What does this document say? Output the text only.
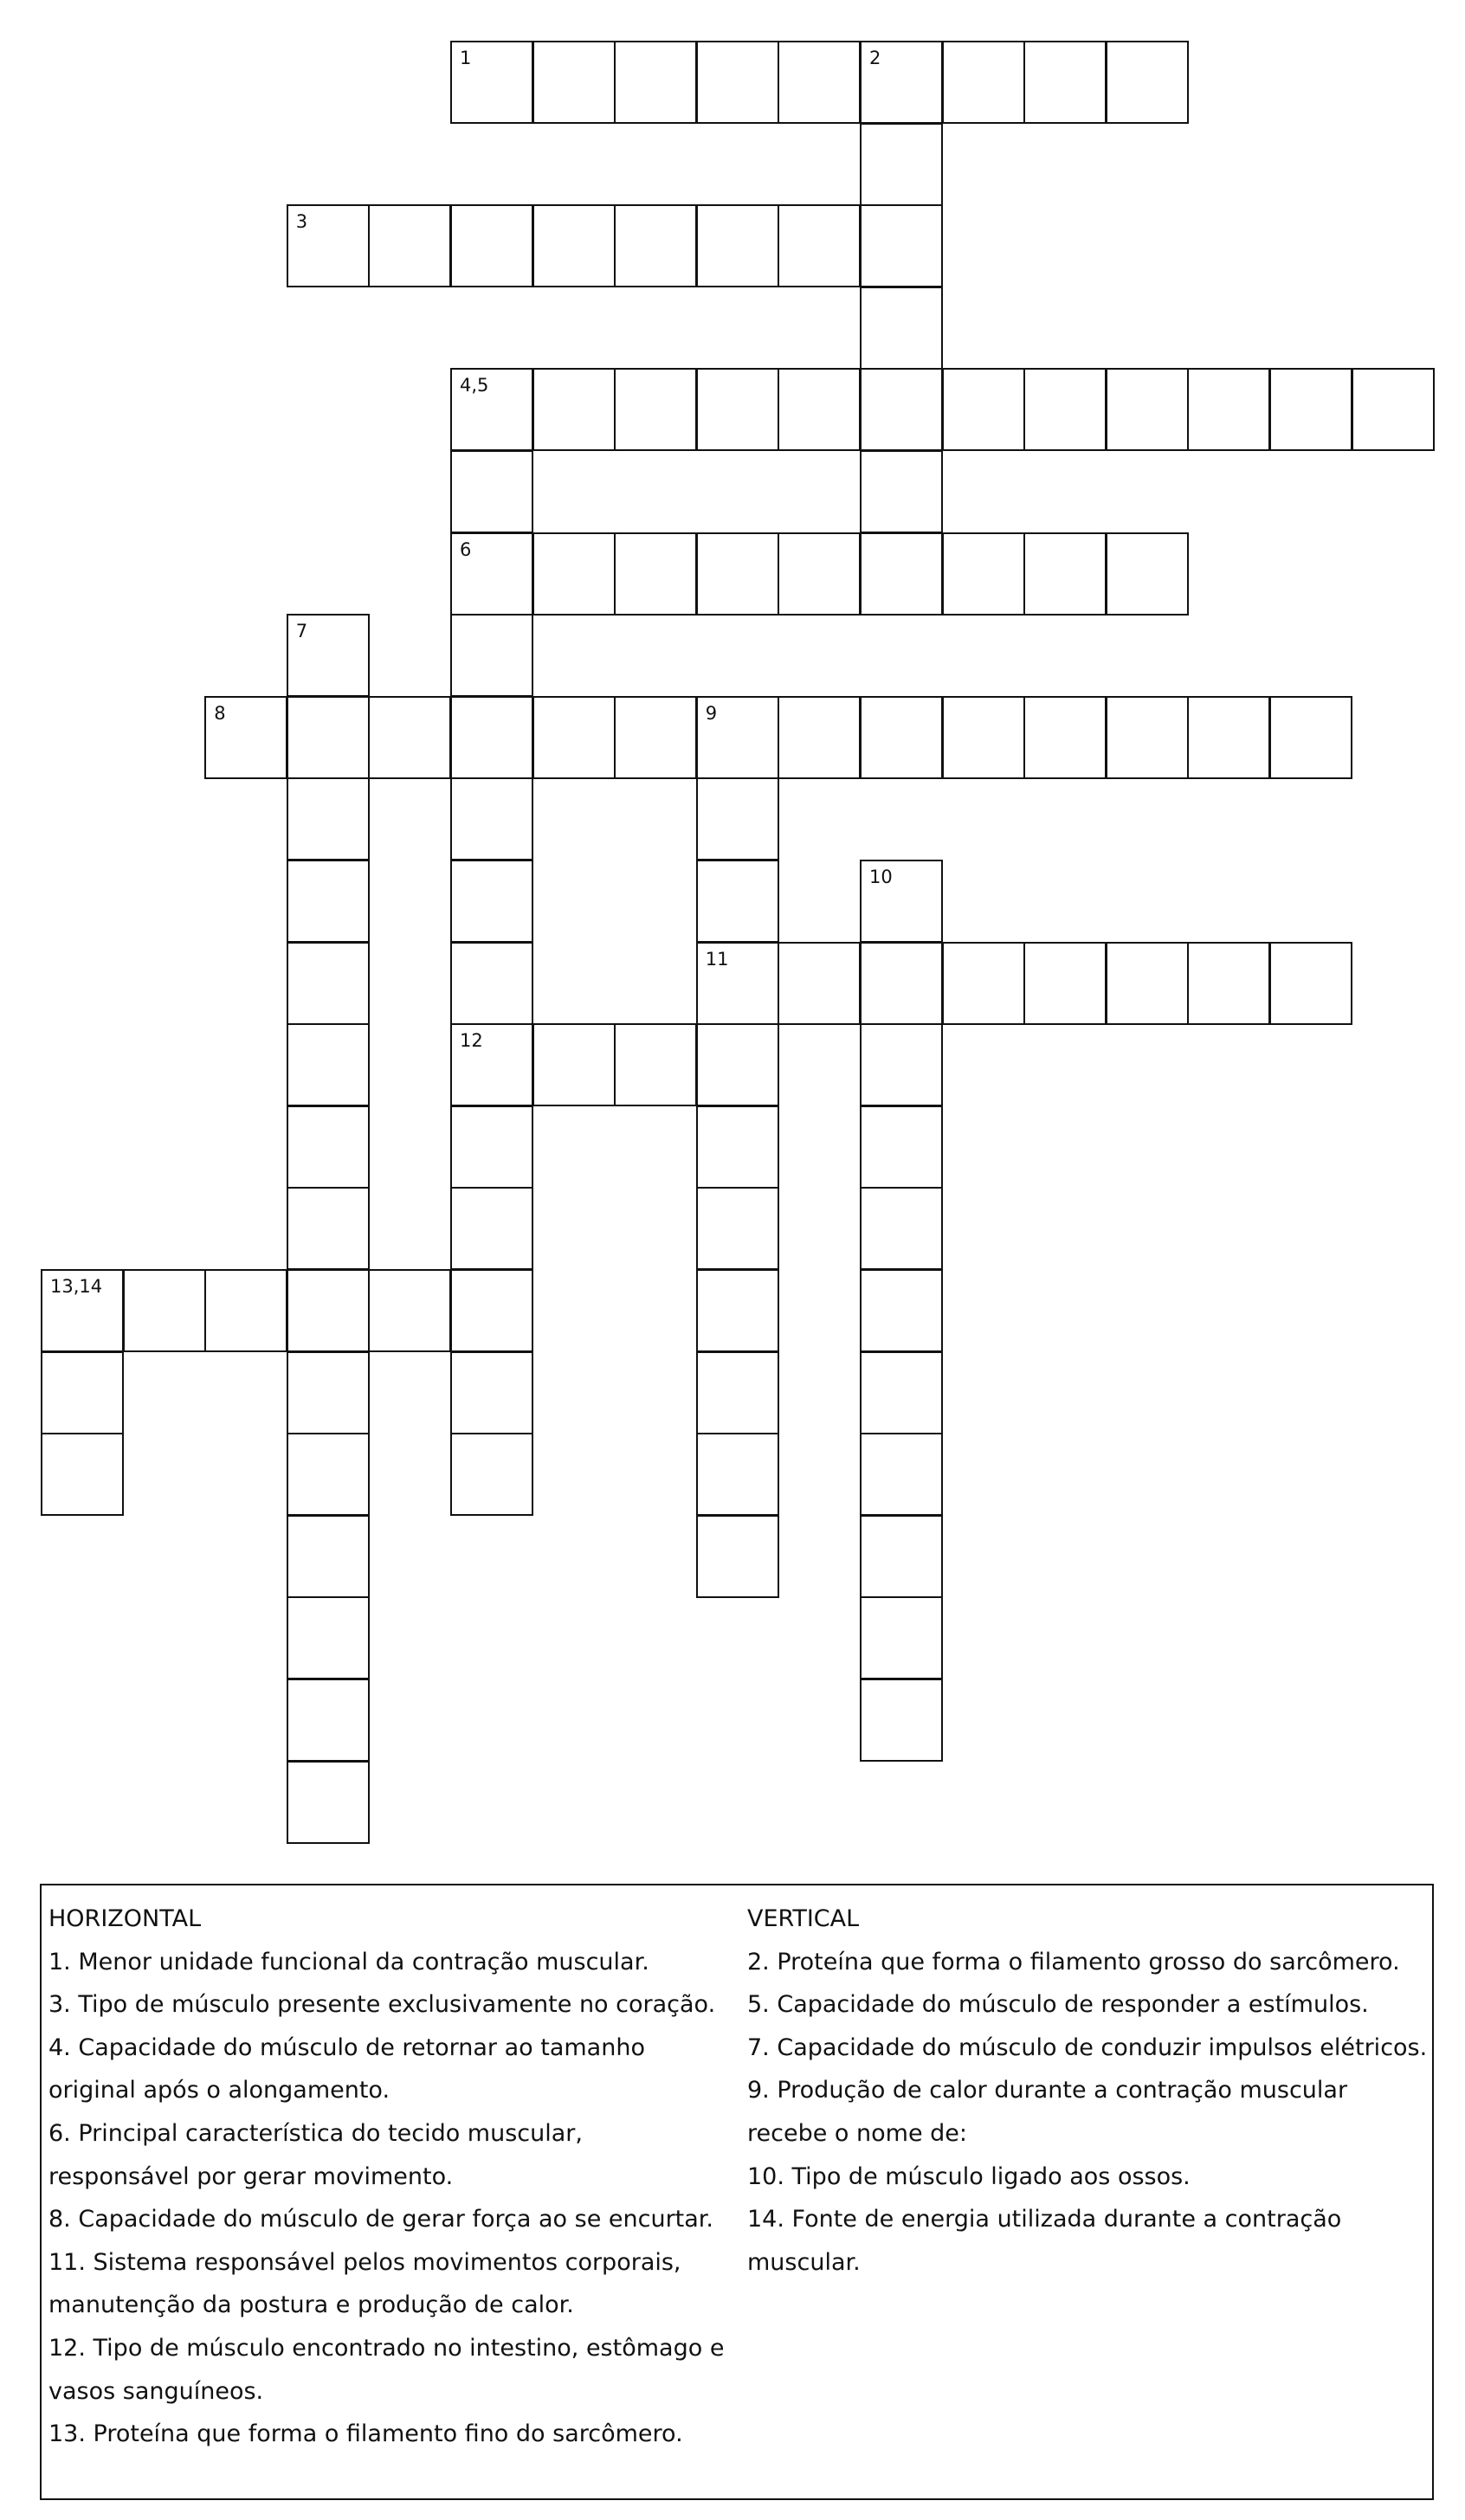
1	2
3
4,5
6
8	9
11
12
13,14
7
10
HORIZONTAL
1. Menor unidade funcional da contração muscular.
3. Tipo de músculo presente exclusivamente no coração.
4. Capacidade do músculo de retornar ao tamanho
original após o alongamento.
6. Principal característica do tecido muscular,
responsável por gerar movimento.
8. Capacidade do músculo de gerar força ao se encurtar.
11. Sistema responsável pelos movimentos corporais,
manutenção da postura e produção de calor.
12. Tipo de músculo encontrado no intestino, estômago e
vasos sanguíneos.
13. Proteína que forma o filamento fino do sarcômero.
VERTICAL
2. Proteína que forma o filamento grosso do sarcômero.
5. Capacidade do músculo de responder a estímulos.
7. Capacidade do músculo de conduzir impulsos elétricos.
9. Produção de calor durante a contração muscular
recebe o nome de:
10. Tipo de músculo ligado aos ossos.
14. Fonte de energia utilizada durante a contração
muscular.
